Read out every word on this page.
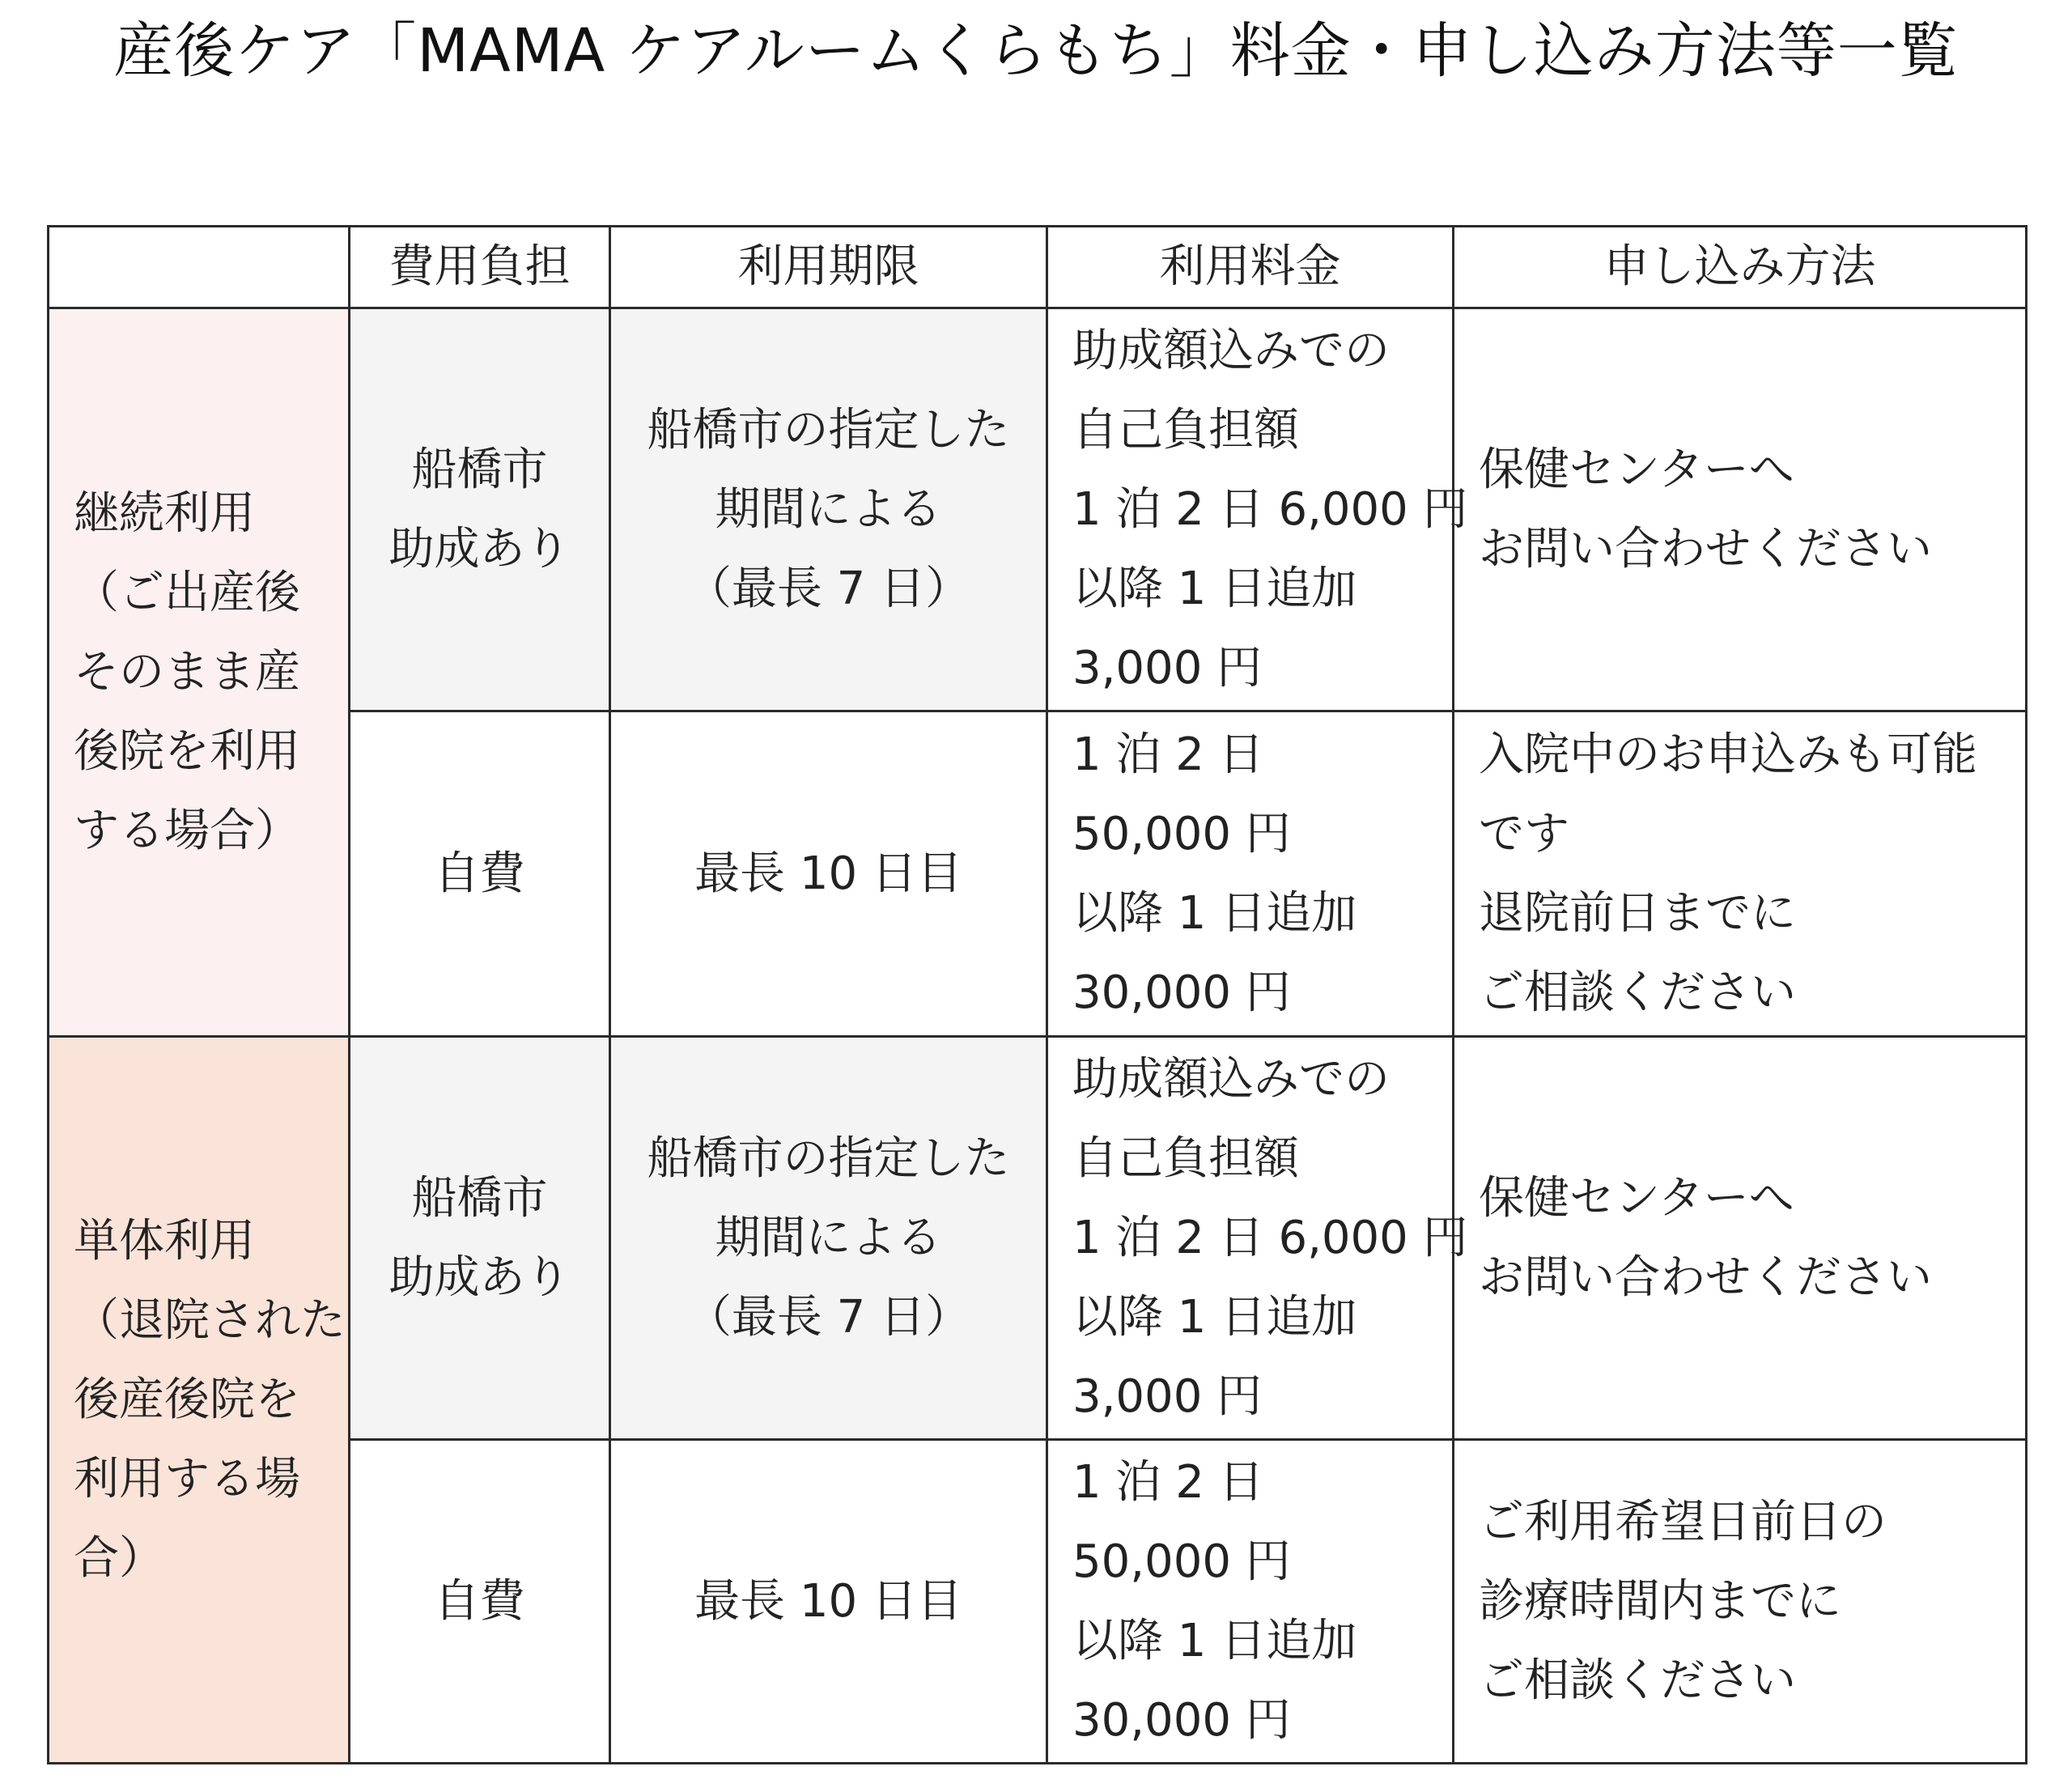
産後ケア「MAMA ケアルームくらもち」料金・申し込み方法等一覧
	費用負担	利用期限	利用料金	申し込み方法

継続利用
（ご出産後
そのまま産
後院を利用
する場合）	船橋市
助成あり	船橋市の指定した
期間による
（最長 7 日）	助成額込みでの
自己負担額
1 泊 2 日 6,000 円
以降 1 日追加
3,000 円	保健センターへ
お問い合わせください

	自費	最長 10 日目	1 泊 2 日
50,000 円
以降 1 日追加
30,000 円	入院中のお申込みも可能
です
退院前日までに
ご相談ください

単体利用
（退院された
後産後院を
利用する場
合）	船橋市
助成あり	船橋市の指定した
期間による
（最長 7 日）	助成額込みでの
自己負担額
1 泊 2 日 6,000 円
以降 1 日追加
3,000 円	保健センターへ
お問い合わせください

	自費	最長 10 日目	1 泊 2 日
50,000 円
以降 1 日追加
30,000 円	ご利用希望日前日の
診療時間内までに
ご相談ください
